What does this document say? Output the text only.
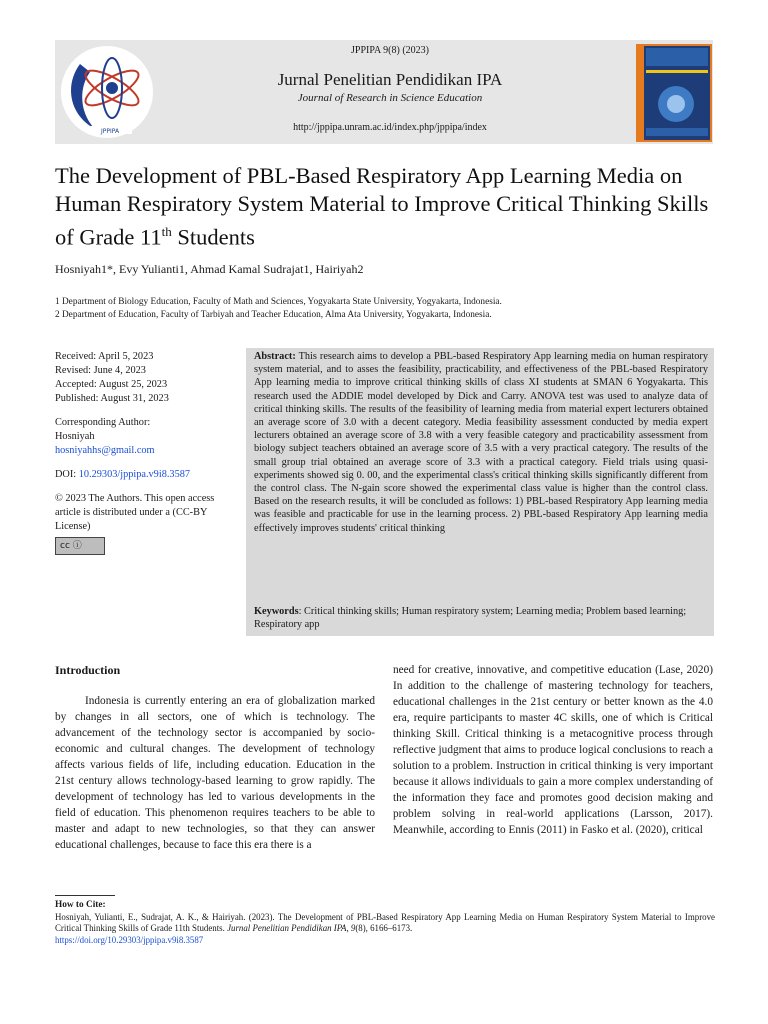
JPPIPA
JPPIPA 9(8) (2023)
Jurnal Penelitian Pendidikan IPA
Journal of Research in Science Education
http://jppipa.unram.ac.id/index.php/jppipa/index
The Development of PBL-Based Respiratory App Learning Media on Human Respiratory System Material to Improve Critical Thinking Skills of Grade 11th Students
Hosniyah1*, Evy Yulianti1, Ahmad Kamal Sudrajat1, Hairiyah2
1 Department of Biology Education, Faculty of Math and Sciences, Yogyakarta State University, Yogyakarta, Indonesia.
2 Department of Education, Faculty of Tarbiyah and Teacher Education, Alma Ata University, Yogyakarta, Indonesia.
Received: April 5, 2023
Revised: June 4, 2023
Accepted: August 25, 2023
Published: August 31, 2023
Corresponding Author:
Hosniyah
hosniyahhs@gmail.com
DOI: 10.29303/jppipa.v9i8.3587
© 2023 The Authors. This open access article is distributed under a (CC-BY License)
cc ⓘ
Abstract: This research aims to develop a PBL-based Respiratory App learning media on human respiratory system material, and to asses the feasibility, practicability, and effectiveness of the PBL-based Respiratory App learning media to improve critical thinking skills of class XI students at SMAN 6 Yogyakarta. This research used the ADDIE model developed by Dick and Carry. ANOVA test was used to analyze data of critical thinking skills. The results of the feasibility of learning media from material expert lecturers obtained an average score of 3.0 with a decent category. Media feasibility assessment conducted by media expert lecturers obtained an average score of 3.8 with a very feasible category and practicability assessment from biology subject teachers obtained an average score of 3.5 with a very practical category. The results of the small group trial obtained an average score of 3.3 with a practical category. Field trials using quasi-experiments showed sig 0. 00, and the experimental class's critical thinking skills significantly different from the control class. The N-gain score showed the experimental class value is higher than the control class. Based on the research results, it will be concluded as follows: 1) PBL-based Respiratory App learning media was feasible and practicable for use in the learning process. 2) PBL-based Respiratory App learning media effectively improves students' critical thinking
Keywords: Critical thinking skills; Human respiratory system; Learning media; Problem based learning; Respiratory app
Introduction
Indonesia is currently entering an era of globalization marked by changes in all sectors, one of which is technology. The advancement of the technology sector is accompanied by socio-economic and cultural changes. The development of technology affects various fields of life, including education. Education in the 21st century allows technology-based learning to grow rapidly. The development of technology has led to various developments in the field of education. This phenomenon requires teachers to be able to master and adapt to new technologies, so that they can answer educational challenges, because to face this era there is a
need for creative, innovative, and competitive education (Lase, 2020) In addition to the challenge of mastering technology for teachers, educational challenges in the 21st century or better known as the 4.0 era, require participants to master 4C skills, one of which is Critical thinking Skill. Critical thinking is a metacognitive process through reflective judgment that aims to produce logical conclusions to reach a solution to a problem. Instruction in critical thinking is very important because it allows individuals to gain a more complex understanding of the information they face and promotes good decision making and problem solving in real-world applications (Larsson, 2017). Meanwhile, according to Ennis (2011) in Fasko et al. (2020), critical
How to Cite:
Hosniyah, Yulianti, E., Sudrajat, A. K., & Hairiyah. (2023). The Development of PBL-Based Respiratory App Learning Media on Human Respiratory System Material to Improve Critical Thinking Skills of Grade 11th Students. Jurnal Penelitian Pendidikan IPA, 9(8), 6166–6173.
https://doi.org/10.29303/jppipa.v9i8.3587
